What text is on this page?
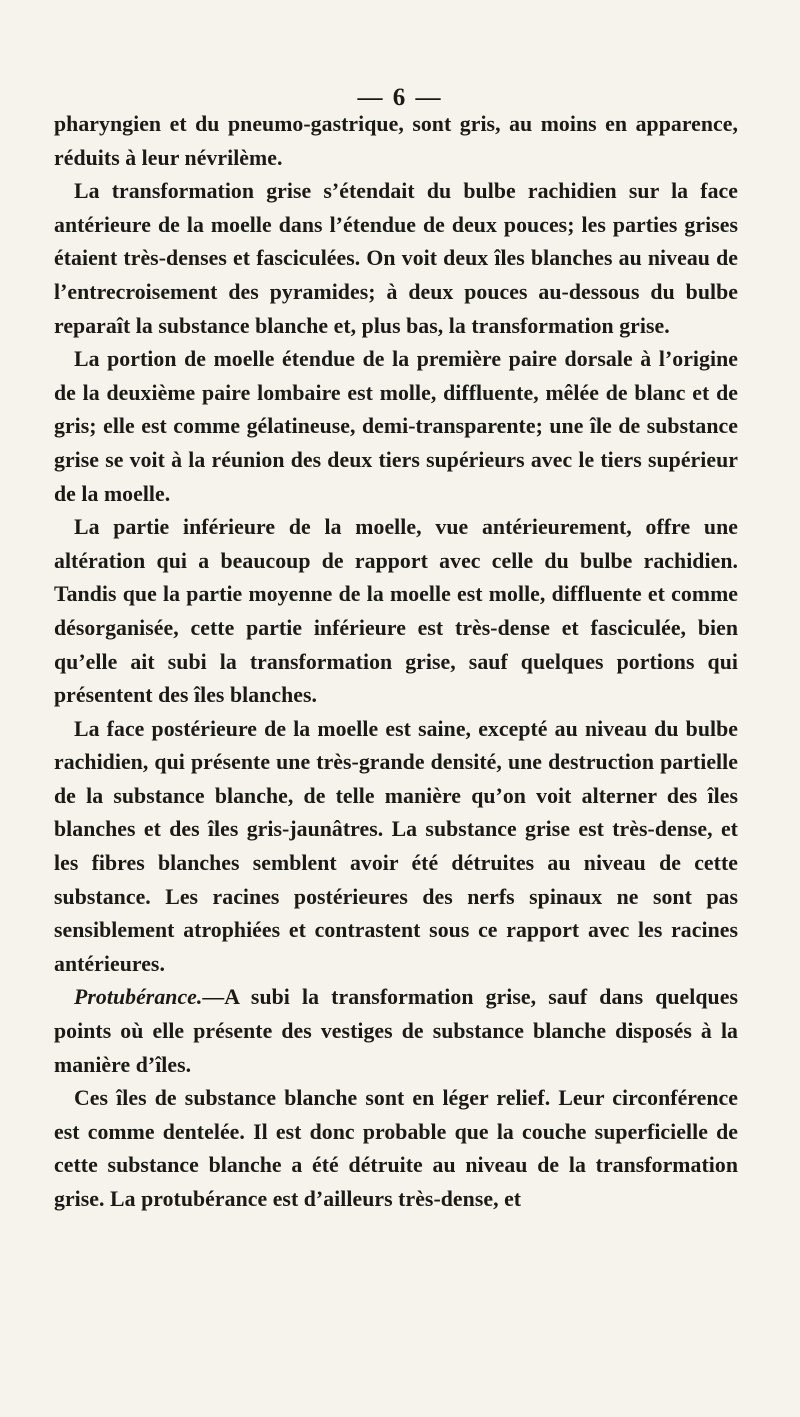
— 6 —

pharyngien et du pneumo-gastrique, sont gris, au moins en apparence, réduits à leur névrilème.

La transformation grise s’étendait du bulbe rachidien sur la face antérieure de la moelle dans l’étendue de deux pouces; les parties grises étaient très-denses et fasciculées. On voit deux îles blanches au niveau de l’entrecroisement des pyramides; à deux pouces au-dessous du bulbe reparaît la substance blanche et, plus bas, la transformation grise.

La portion de moelle étendue de la première paire dorsale à l’origine de la deuxième paire lombaire est molle, diffluente, mêlée de blanc et de gris; elle est comme gélatineuse, demi-transparente; une île de substance grise se voit à la réunion des deux tiers supérieurs avec le tiers supérieur de la moelle.

La partie inférieure de la moelle, vue antérieurement, offre une altération qui a beaucoup de rapport avec celle du bulbe rachidien. Tandis que la partie moyenne de la moelle est molle, diffluente et comme désorganisée, cette partie inférieure est très-dense et fasciculée, bien qu’elle ait subi la transformation grise, sauf quelques portions qui présentent des îles blanches.

La face postérieure de la moelle est saine, excepté au niveau du bulbe rachidien, qui présente une très-grande densité, une destruction partielle de la substance blanche, de telle manière qu’on voit alterner des îles blanches et des îles gris-jaunâtres. La substance grise est très-dense, et les fibres blanches semblent avoir été détruites au niveau de cette substance. Les racines postérieures des nerfs spinaux ne sont pas sensiblement atrophiées et contrastent sous ce rapport avec les racines antérieures.

Protubérance.—A subi la transformation grise, sauf dans quelques points où elle présente des vestiges de substance blanche disposés à la manière d’îles.

Ces îles de substance blanche sont en léger relief. Leur circonférence est comme dentelée. Il est donc probable que la couche superficielle de cette substance blanche a été détruite au niveau de la transformation grise. La protubérance est d’ailleurs très-dense, et
